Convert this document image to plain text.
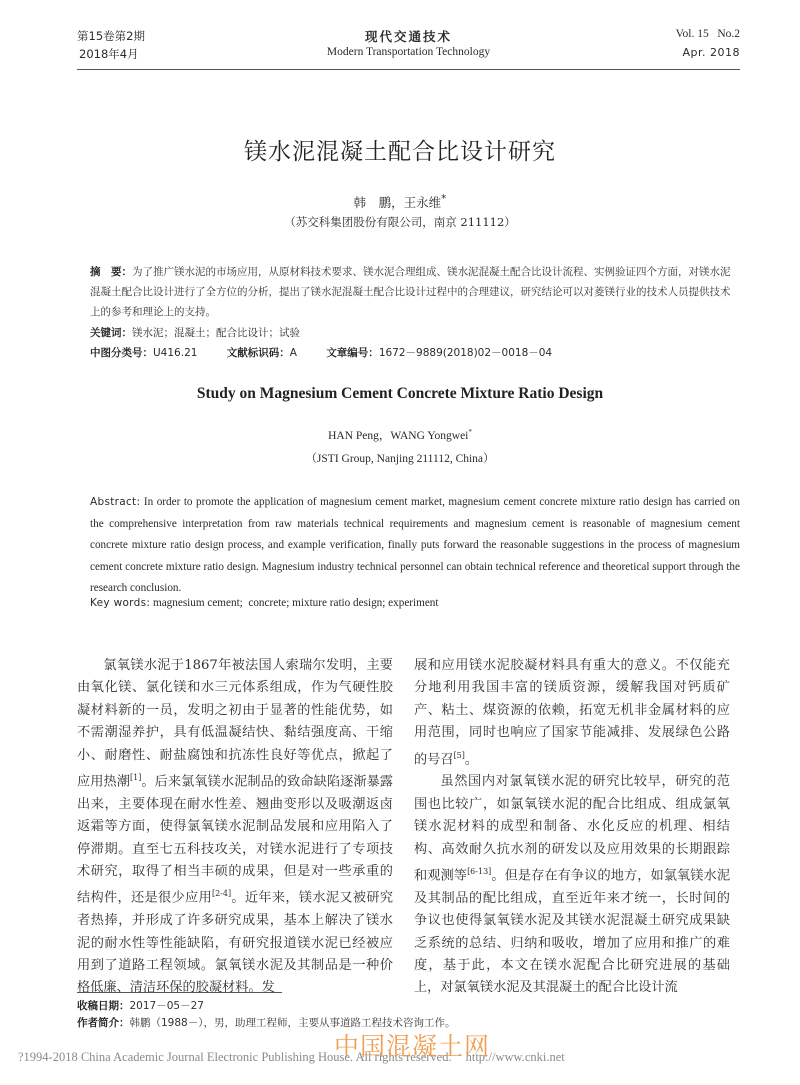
第15卷第2期
2018年4月
现代交通技术
Modern Transportation Technology
Vol. 15   No.2
Apr. 2018
镁水泥混凝土配合比设计研究
韩　鹏，王永维*
（苏交科集团股份有限公司，南京 211112）
摘　要：为了推广镁水泥的市场应用，从原材料技术要求、镁水泥合理组成、镁水泥混凝土配合比设计流程、实例验证四个方面，对镁水泥混凝土配合比设计进行了全方位的分析，提出了镁水泥混凝土配合比设计过程中的合理建议，研究结论可以对菱镁行业的技术人员提供技术上的参考和理论上的支持。
关键词：镁水泥；混凝土；配合比设计；试验
中图分类号：U416.21	文献标识码：A	文章编号：1672－9889(2018)02－0018－04
Study on Magnesium Cement Concrete Mixture Ratio Design
HAN Peng，WANG Yongwei*
（JSTI Group, Nanjing 211112, China）
Abstract: In order to promote the application of magnesium cement market, magnesium cement concrete mixture ratio design has carried on the comprehensive interpretation from raw materials technical requirements and magnesium cement is reasonable of magnesium cement concrete mixture ratio design process, and example verification, finally puts forward the reasonable suggestions in the process of magnesium cement concrete mixture ratio design. Magnesium industry technical personnel can obtain technical reference and theoretical support through the research conclusion.
Key words: magnesium cement;  concrete; mixture ratio design; experiment

氯氧镁水泥于1867年被法国人索瑞尔发明，主要由氧化镁、氯化镁和水三元体系组成，作为气硬性胶凝材料新的一员，发明之初由于显著的性能优势，如不需潮湿养护，具有低温凝结快、黏结强度高、干缩小、耐磨性、耐盐腐蚀和抗冻性良好等优点，掀起了应用热潮[1]。后来氯氧镁水泥制品的致命缺陷逐渐暴露出来，主要体现在耐水性差、翘曲变形以及吸潮返卤返霜等方面，使得氯氧镁水泥制品发展和应用陷入了停滞期。直至七五科技攻关，对镁水泥进行了专项技术研究，取得了相当丰硕的成果，但是对一些承重的结构件，还是很少应用[2-4]。近年来，镁水泥又被研究者热捧，并形成了许多研究成果，基本上解决了镁水泥的耐水性等性能缺陷，有研究报道镁水泥已经被应用到了道路工程领域。氯氧镁水泥及其制品是一种价格低廉、清洁环保的胶凝材料。发

展和应用镁水泥胶凝材料具有重大的意义。不仅能充分地利用我国丰富的镁质资源，缓解我国对钙质矿产、粘土、煤资源的依赖，拓宽无机非金属材料的应用范围，同时也响应了国家节能减排、发展绿色公路的号召[5]。

虽然国内对氯氧镁水泥的研究比较早，研究的范围也比较广，如氯氧镁水泥的配合比组成、组成氯氧镁水泥材料的成型和制备、水化反应的机理、相结构、高效耐久抗水剂的研发以及应用效果的长期跟踪和观测等[6-13]。但是存在有争议的地方，如氯氧镁水泥及其制品的配比组成，直至近年来才统一，长时间的争议也使得氯氧镁水泥及其镁水泥混凝土研究成果缺乏系统的总结、归纳和吸收，增加了应用和推广的难度，基于此，本文在镁水泥配合比研究进展的基础上，对氯氧镁水泥及其混凝土的配合比设计流

收稿日期：2017－05－27
作者简介：韩鹏（1988－），男，助理工程师，主要从事道路工程技术咨询工作。
?1994-2018 China Academic Journal Electronic Publishing House. All rights reserved. http://www.cnki.net
中国混凝土网
